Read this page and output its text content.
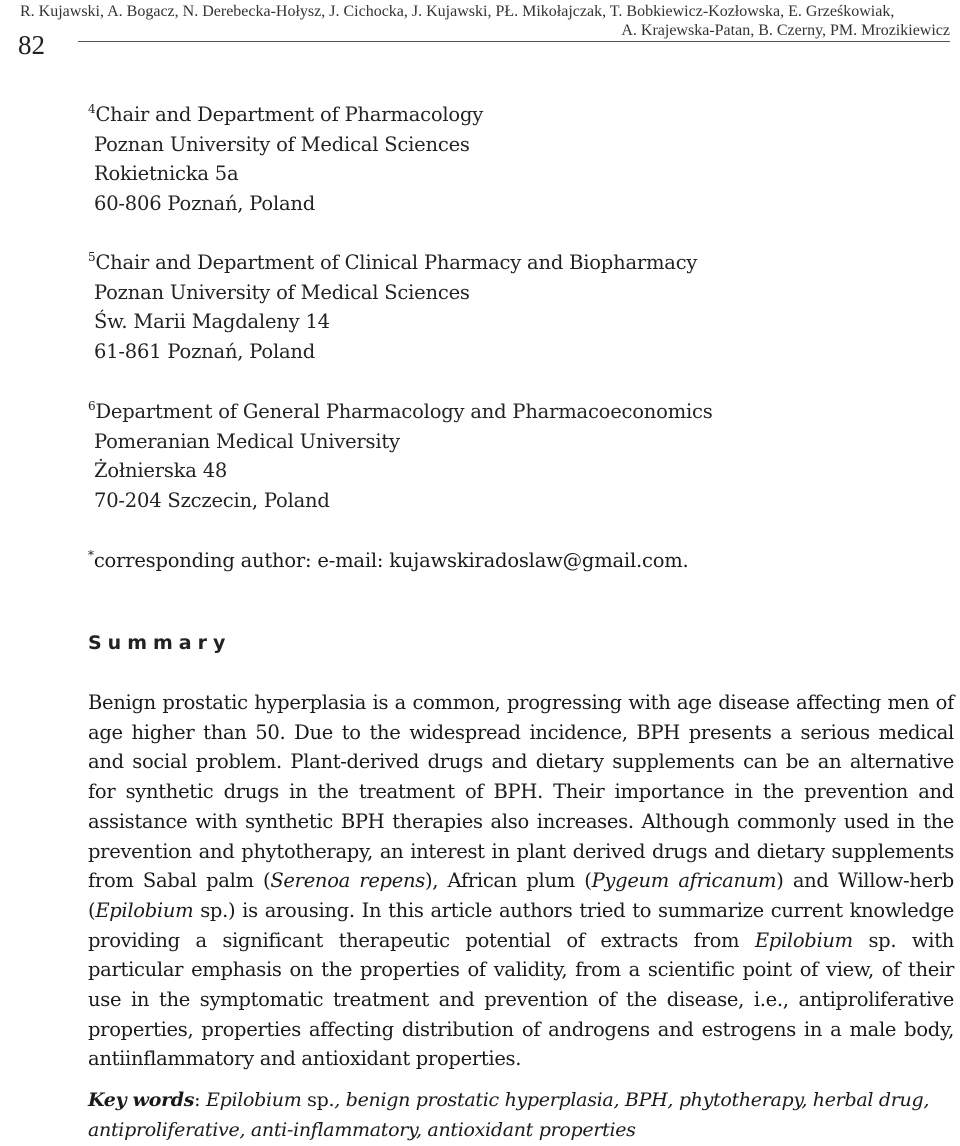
R. Kujawski, A. Bogacz, N. Derebecka-Hołysz, J. Cichocka, J. Kujawski, PŁ. Mikołajczak, T. Bobkiewicz-Kozłowska, E. Grześkowiak,
A. Krajewska-Patan, B. Czerny, PM. Mrozikiewicz
82
$^4$Chair and Department of Pharmacology
Poznan University of Medical Sciences
Rokietnicka 5a
60-806 Poznań, Poland
$^5$Chair and Department of Clinical Pharmacy and Biopharmacy
Poznan University of Medical Sciences
Św. Marii Magdaleny 14
61-861 Poznań, Poland
$^6$Department of General Pharmacology and Pharmacoeconomics
Pomeranian Medical University
Żołnierska 48
70-204 Szczecin, Poland
*corresponding author: e-mail: kujawskiradoslaw@gmail.com.
Summary
Benign prostatic hyperplasia is a common, progressing with age disease affecting men of age higher than 50. Due to the widespread incidence, BPH presents a serious medical and social problem. Plant-derived drugs and dietary supplements can be an alternative for synthetic drugs in the treatment of BPH. Their importance in the prevention and assistance with synthetic BPH therapies also increases. Although commonly used in the prevention and phytotherapy, an interest in plant derived drugs and dietary supplements from Sabal palm (Serenoa repens), African plum (Pygeum africanum) and Willow-herb (Epilobium sp.) is arousing. In this article authors tried to summarize current knowledge providing a significant therapeutic potential of extracts from Epilobium sp. with particular emphasis on the properties of validity, from a scientific point of view, of their use in the symptomatic treatment and prevention of the disease, i.e., antiproliferative properties, properties affecting distribution of androgens and estrogens in a male body, antiinflammatory and antioxidant properties.
Key words: Epilobium sp., benign prostatic hyperplasia, BPH, phytotherapy, herbal drug, antiproliferative, anti-inflammatory, antioxidant properties
